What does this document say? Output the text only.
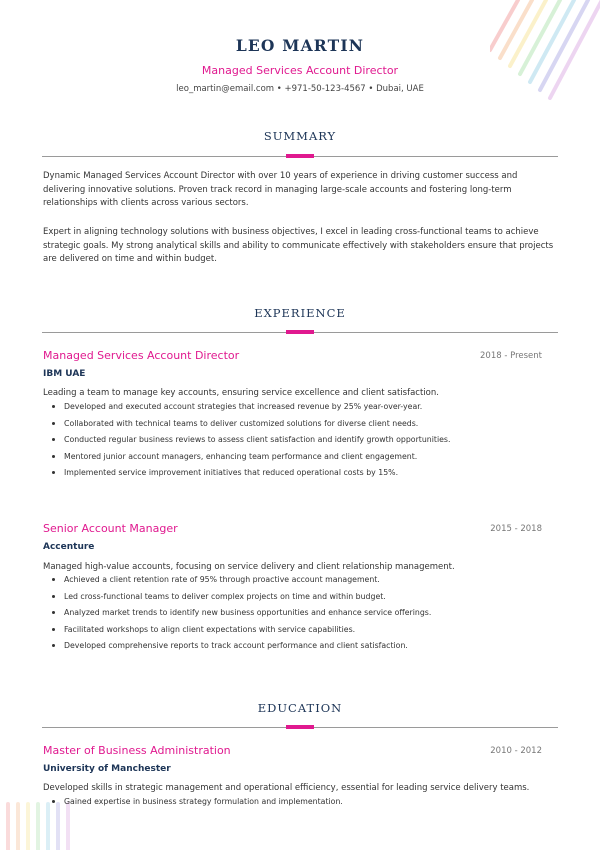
LEO MARTIN
Managed Services Account Director
leo_martin@email.com • +971-50-123-4567 • Dubai, UAE
SUMMARY
Dynamic Managed Services Account Director with over 10 years of experience in driving customer success and delivering innovative solutions. Proven track record in managing large-scale accounts and fostering long-term relationships with clients across various sectors.
Expert in aligning technology solutions with business objectives, I excel in leading cross-functional teams to achieve strategic goals. My strong analytical skills and ability to communicate effectively with stakeholders ensure that projects are delivered on time and within budget.
EXPERIENCE
Managed Services Account Director	2018 - Present
IBM UAE
Leading a team to manage key accounts, ensuring service excellence and client satisfaction.
Developed and executed account strategies that increased revenue by 25% year-over-year.
Collaborated with technical teams to deliver customized solutions for diverse client needs.
Conducted regular business reviews to assess client satisfaction and identify growth opportunities.
Mentored junior account managers, enhancing team performance and client engagement.
Implemented service improvement initiatives that reduced operational costs by 15%.
Senior Account Manager	2015 - 2018
Accenture
Managed high-value accounts, focusing on service delivery and client relationship management.
Achieved a client retention rate of 95% through proactive account management.
Led cross-functional teams to deliver complex projects on time and within budget.
Analyzed market trends to identify new business opportunities and enhance service offerings.
Facilitated workshops to align client expectations with service capabilities.
Developed comprehensive reports to track account performance and client satisfaction.
EDUCATION
Master of Business Administration	2010 - 2012
University of Manchester
Developed skills in strategic management and operational efficiency, essential for leading service delivery teams.
Gained expertise in business strategy formulation and implementation.
